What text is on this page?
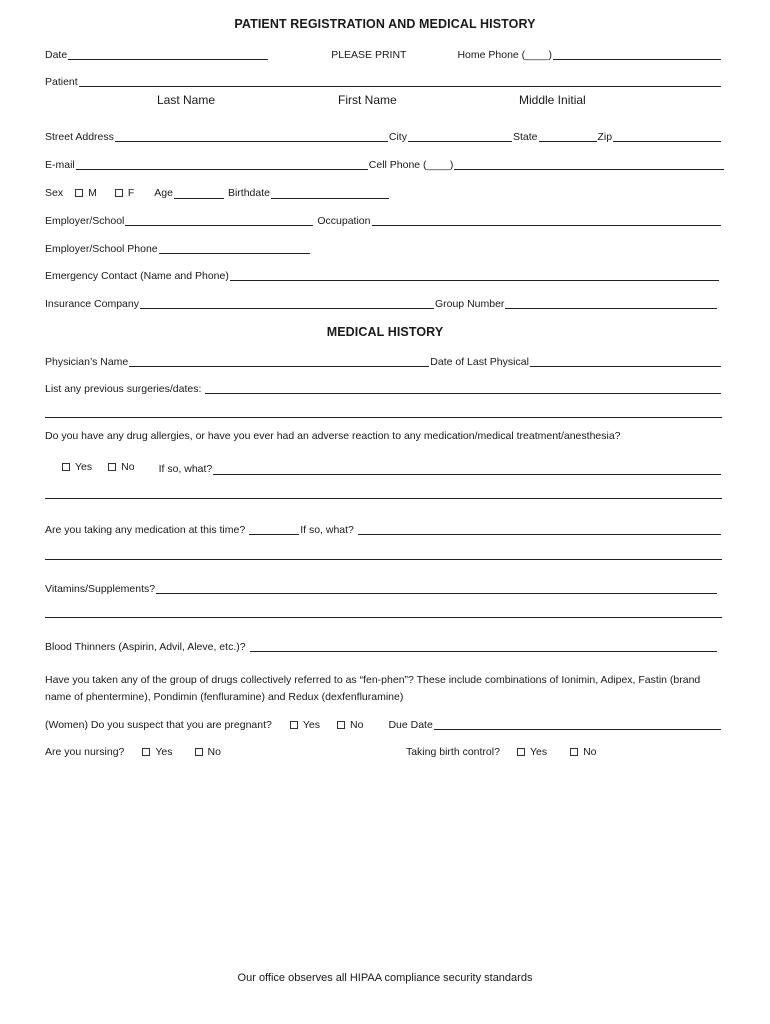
PATIENT REGISTRATION AND MEDICAL HISTORY
Date	PLEASE PRINT	Home Phone (____)
Patient
Last Name	First Name	Middle Initial
Street Address	City	State	Zip
E-mail	Cell Phone (____)
Sex M	F Age	Birthdate
Employer/School	Occupation
Employer/School Phone
Emergency Contact (Name and Phone)
Insurance Company	Group Number
MEDICAL HISTORY
Physician’s Name	Date of Last Physical
List any previous surgeries/dates:
Do you have any drug allergies, or have you ever had an adverse reaction to any medication/medical treatment/anesthesia?
Yes	No If so, what?
Are you taking any medication at this time?	If so, what?
Vitamins/Supplements?
Blood Thinners (Aspirin, Advil, Aleve, etc.)?
Have you taken any of the group of drugs collectively referred to as “fen-phen”? These include combinations of Ionimin, Adipex, Fastin (brand name of phentermine), Pondimin (fenfluramine) and Redux (dexfenfluramine)
(Women) Do you suspect that you are pregnant?	Yes	No Due Date
Are you nursing?	Yes	No	Taking birth control?	Yes	No
Our office observes all HIPAA compliance security standards
